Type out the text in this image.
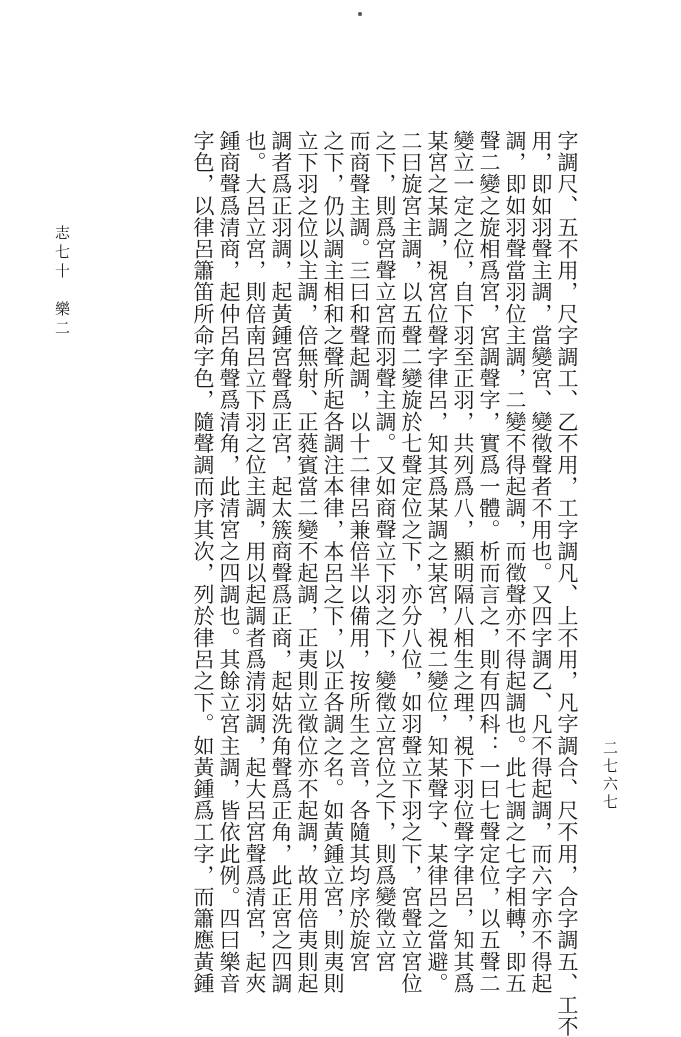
字調尺、五不用，尺字調工、乙不用，工字調凡、上不用，凡字調合、尺不用，合字調五、工不
用，即如羽聲主調，當變宮、變徵聲者不用也。又四字調乙、凡不得起調，而六字亦不得起
調，即如羽聲當羽位主調，二變不得起調，而徵聲亦不得起調也。此七調之七字相轉，即五
聲二變之旋相爲宮，宮調聲字，實爲一體。析而言之，則有四科：一曰七聲定位，以五聲二
變立一定之位，自下羽至正羽，共列爲八，顯明隔八相生之理，視下羽位聲字律呂，知其爲
某宮之某調，視宮位聲字律呂，知其爲某調之某宮，視二變位，知某聲字、某律呂之當避。
二曰旋宮主調，以五聲二變旋於七聲定位之下，亦分八位，如羽聲立下羽之下，宮聲立宮位
之下，則爲宮聲立宮而羽聲主調。又如商聲立下羽之下，變徵立宮位之下，則爲變徵立宮
而商聲主調。三曰和聲起調，以十二律呂兼倍半以備用，按所生之音，各隨其均序於旋宮
之下，仍以調主相和之聲所起各調注本律，本呂之下，以正各調之名。如黃鍾立宮，則夷則
立下羽之位以主調，倍無射、正蕤賓當二變不起調，正夷則立徵位亦不起調，故用倍夷則起
調者爲正羽調，起黃鍾宮聲爲正宮，起太簇商聲爲正商，起姑洗角聲爲正角，此正宮之四調
也。大呂立宮，則倍南呂立下羽之位主調，用以起調者爲清羽調，起大呂宮聲爲清宮，起夾
鍾商聲爲清商，起仲呂角聲爲清角，此清宮之四調也。其餘立宮主調，皆依此例。四曰樂音
字色，以律呂簫笛所命字色，隨聲調而序其次，列於律呂之下。如黃鍾爲工字，而簫應黃鍾
志七十　樂二
二七六七
